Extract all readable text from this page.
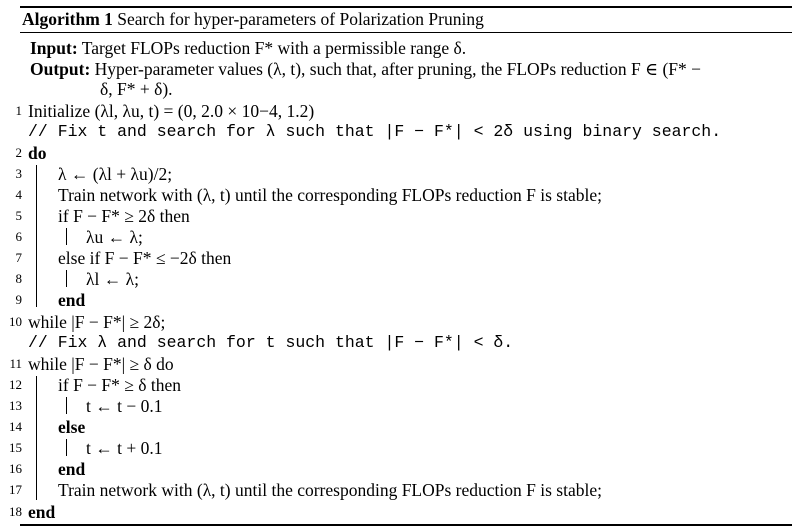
Algorithm 1 Search for hyper-parameters of Polarization Pruning
Input: Target FLOPs reduction F* with a permissible range δ.
Output: Hyper-parameter values (λ, t), such that, after pruning, the FLOPs reduction F ∈ (F* −
δ, F* + δ).
1 Initialize (λl, λu, t) = (0, 2.0 × 10−4, 1.2)
// Fix t and search for λ such that |F − F*| < 2δ using binary search.
2 do
3 λ ← (λl + λu)/2;
4 Train network with (λ, t) until the corresponding FLOPs reduction F is stable;
5 if F − F* ≥ 2δ then
6	λu ← λ;
7 else if F − F* ≤ −2δ then
8	λl ← λ;
9 end
10 while |F − F*| ≥ 2δ;
// Fix λ and search for t such that |F − F*| < δ.
11 while |F − F*| ≥ δ do
12 if F − F* ≥ δ then
13	t ← t − 0.1
14 else
15	t ← t + 0.1
16 end
17 Train network with (λ, t) until the corresponding FLOPs reduction F is stable;
18 end
